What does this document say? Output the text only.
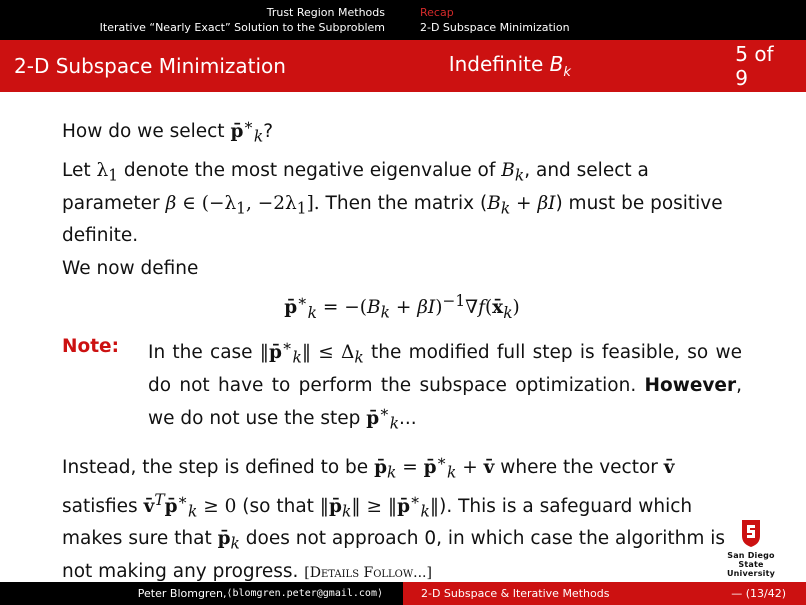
Trust Region Methods
Iterative “Nearly Exact” Solution to the Subproblem
Recap
2-D Subspace Minimization
2-D Subspace Minimization	Indefinite $B_k$
5 of 9

How do we select $p̄^∗_k$?

Let $\lambda_1$ denote the most negative eigenvalue of $B_k$, and select a parameter β ∈ ($-\lambda_1$, $-2\lambda_1$]. Then the matrix $(B_k + \beta I)$ must be positive definite.

We now define

$p̄^∗_k = -(B_k$ + $\beta I)^{-1}\nabla f(x̄_k)$
Note:	In the case $‖p̄^∗_k‖ \le \Delta_k$ the modified full step is feasible, so we do not have to perform the subspace optimization. However, we do not use the step $p̄^∗_k$...

Instead, the step is defined to be $p̄_k$ = $p̄^∗_k$ + v̄ where the vector v̄ satisfies $v̄^Tp̄^∗_k \ge 0$ (so that $‖p̄_k‖$ ≥ $‖p̄^∗_k‖$). This is a safeguard which makes sure that $p̄_k$ does not approach 0, in which case the algorithm is not making any progress. [Details Follow...]

San Diego State
University
Peter Blomgren, ⟨blomgren.peter@gmail.com⟩	2-D Subspace & Iterative Methods	— (13/42)
